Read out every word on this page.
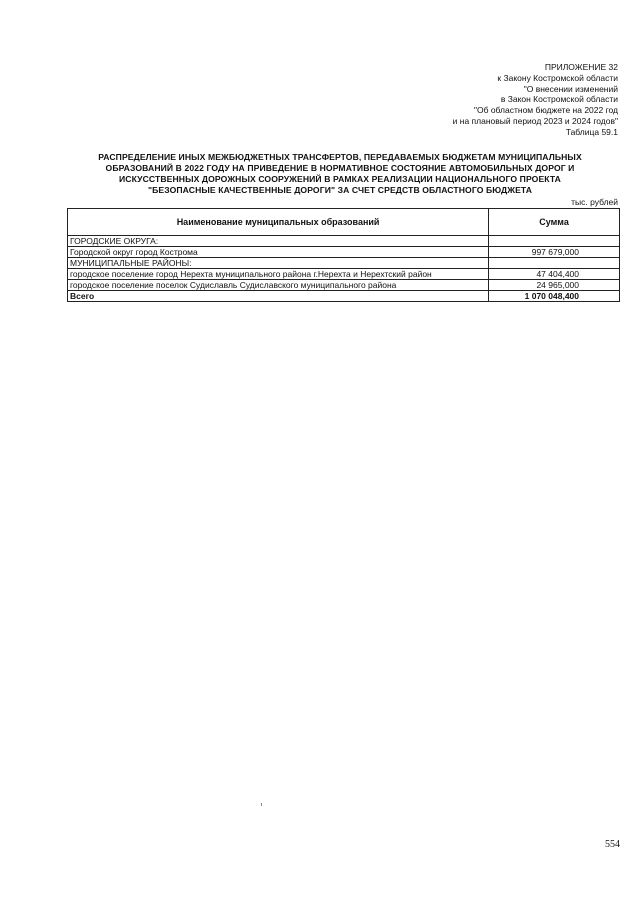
ПРИЛОЖЕНИЕ 32
к Закону Костромской области
"О внесении изменений
в Закон Костромской области
"Об областном бюджете на 2022 год
и на плановый период 2023 и 2024 годов"
Таблица 59.1
РАСПРЕДЕЛЕНИЕ ИНЫХ МЕЖБЮДЖЕТНЫХ ТРАНСФЕРТОВ, ПЕРЕДАВАЕМЫХ БЮДЖЕТАМ МУНИЦИПАЛЬНЫХ
ОБРАЗОВАНИЙ В 2022 ГОДУ НА ПРИВЕДЕНИЕ В НОРМАТИВНОЕ СОСТОЯНИЕ АВТОМОБИЛЬНЫХ ДОРОГ И
ИСКУССТВЕННЫХ ДОРОЖНЫХ СООРУЖЕНИЙ В РАМКАХ РЕАЛИЗАЦИИ НАЦИОНАЛЬНОГО ПРОЕКТА
"БЕЗОПАСНЫЕ КАЧЕСТВЕННЫЕ ДОРОГИ" ЗА СЧЕТ СРЕДСТВ ОБЛАСТНОГО БЮДЖЕТА
тыс. рублей
Наименование муниципальных образований	Сумма
ГОРОДСКИЕ ОКРУГА:	
Городской округ город Кострома	997 679,000
МУНИЦИПАЛЬНЫЕ РАЙОНЫ:	
городское поселение город Нерехта муниципального района г.Нерехта и Нерехтский район	47 404,400
городское поселение поселок Судиславль Судиславского муниципального района	24 965,000
Всего	1 070 048,400
554
